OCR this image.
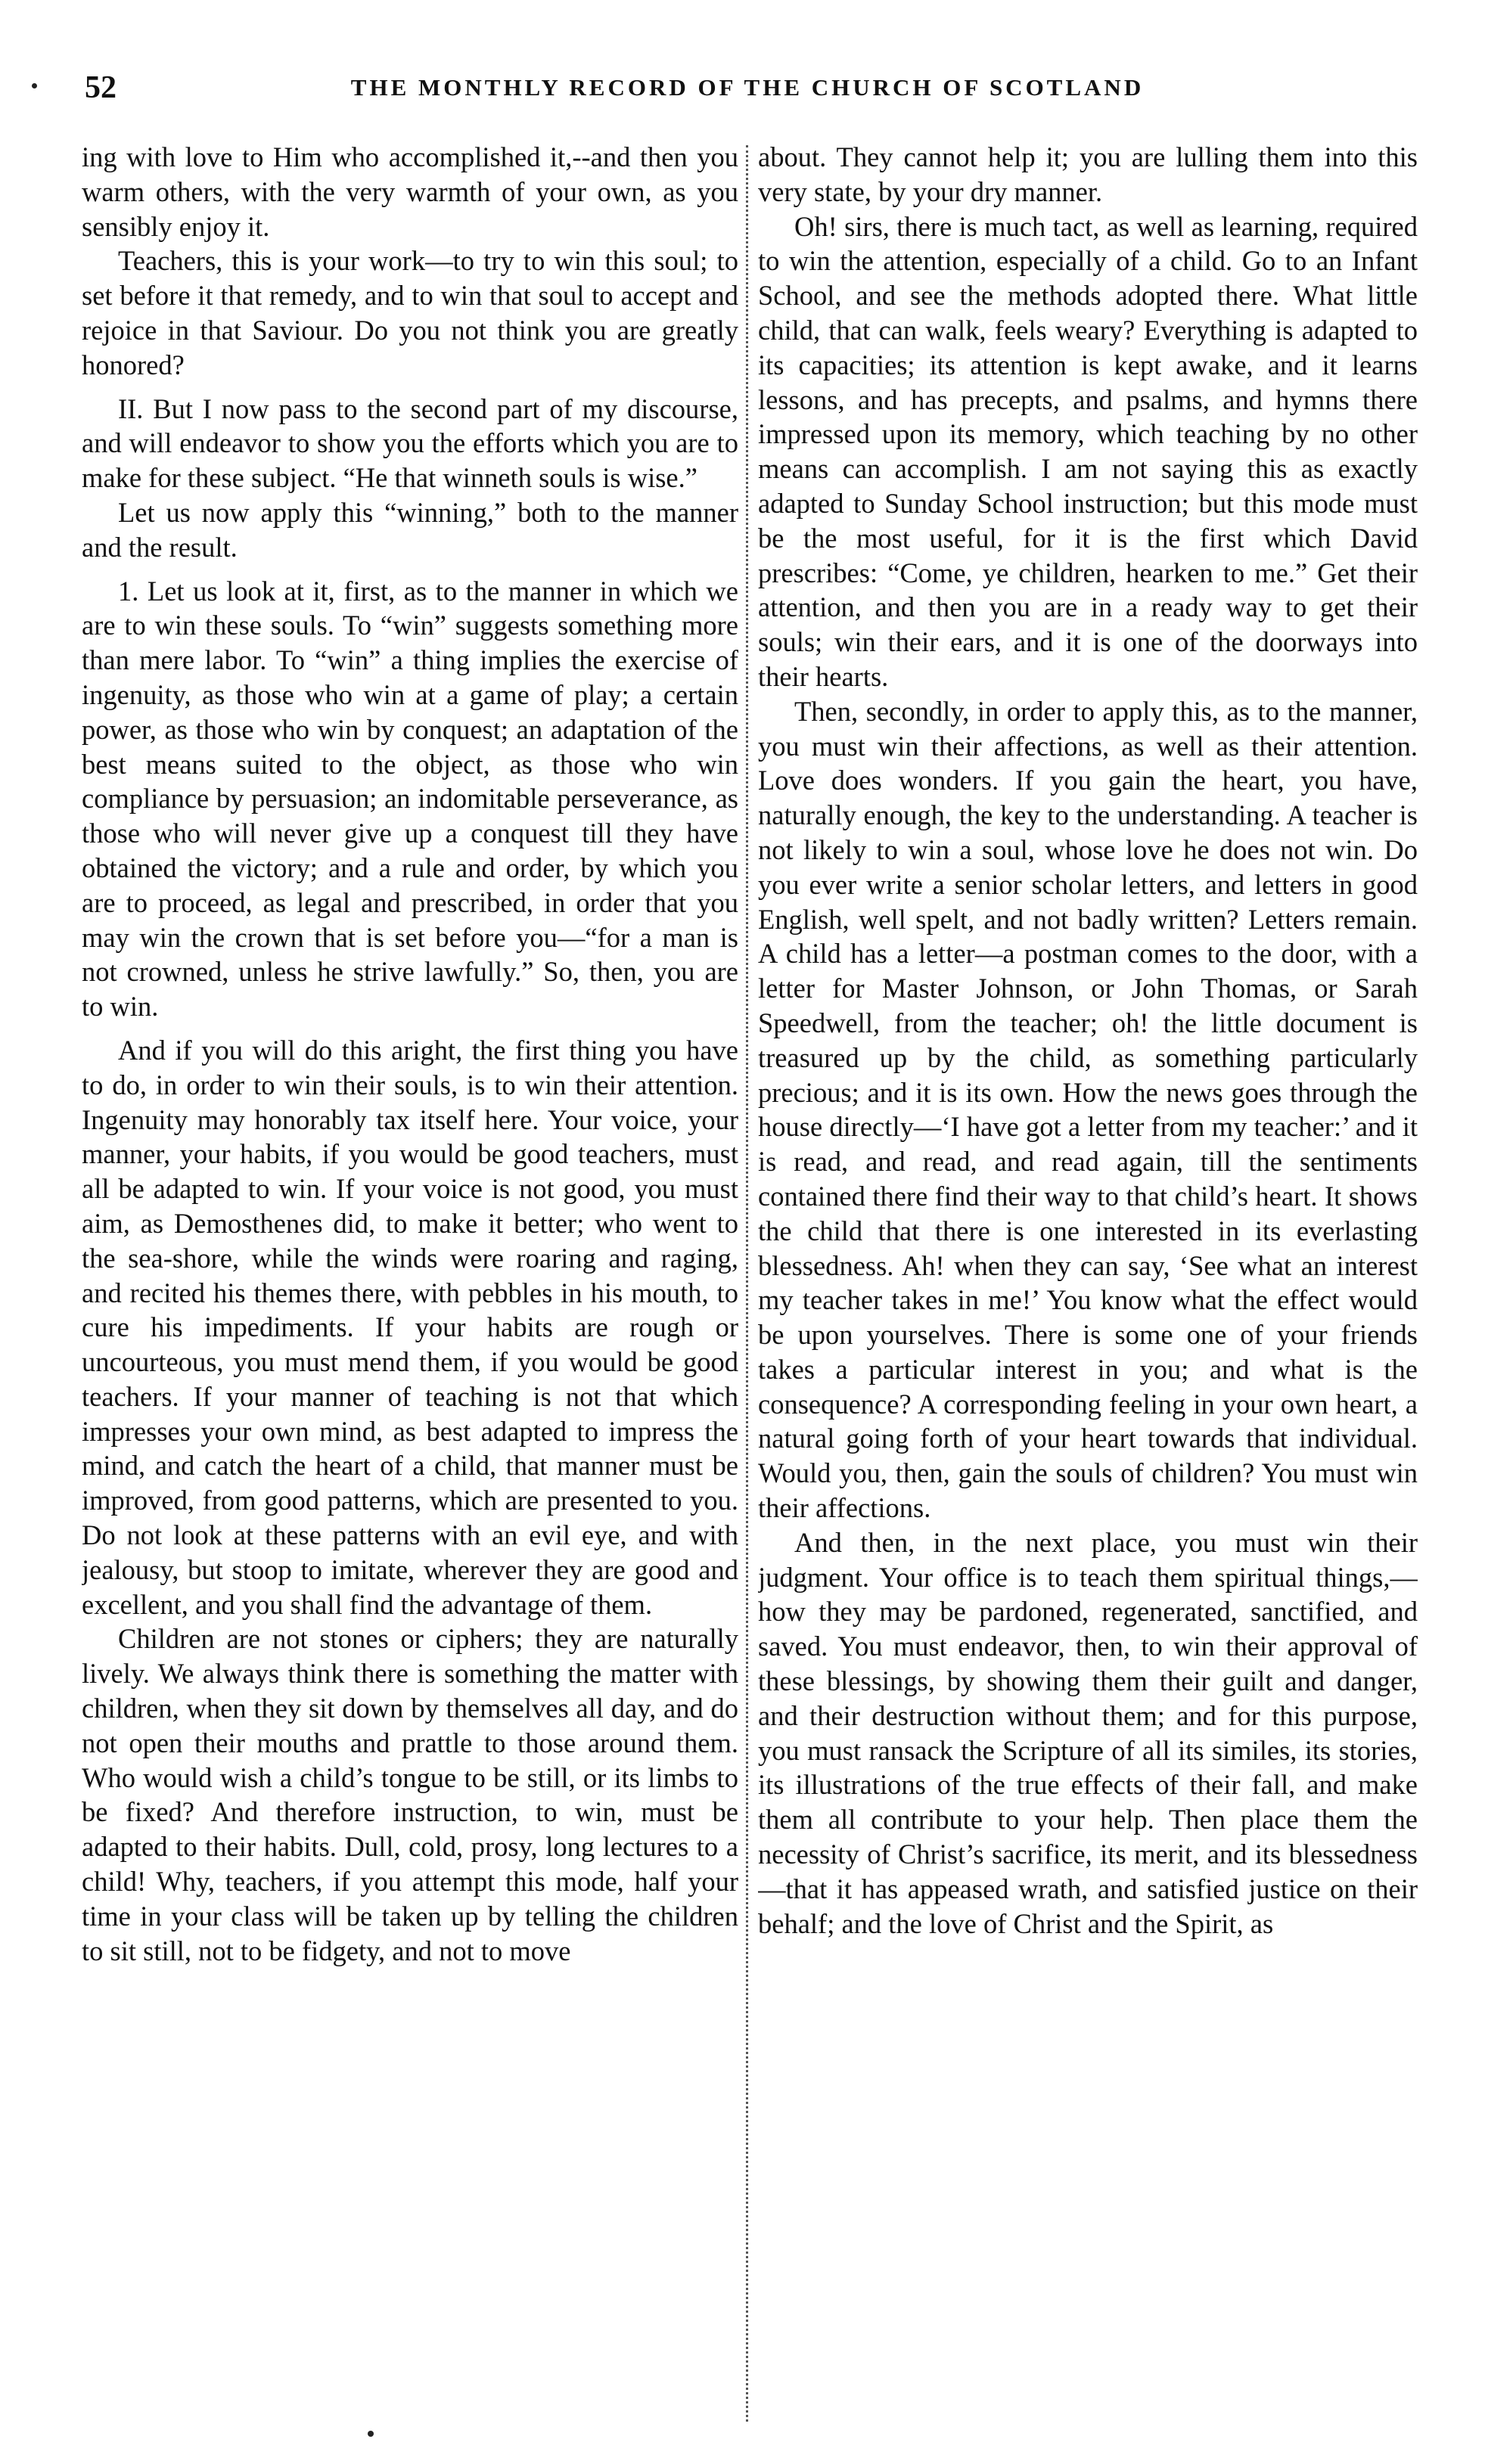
52	THE MONTHLY RECORD OF THE CHURCH OF SCOTLAND

ing with love to Him who accomplished it,--and then you warm others, with the very warmth of your own, as you sensibly enjoy it.

Teachers, this is your work—to try to win this soul; to set before it that remedy, and to win that soul to accept and rejoice in that Saviour. Do you not think you are greatly honored?

II. But I now pass to the second part of my discourse, and will endeavor to show you the efforts which you are to make for these subject. “He that winneth souls is wise.”

Let us now apply this “winning,” both to the manner and the result.

1. Let us look at it, first, as to the manner in which we are to win these souls. To “win” suggests something more than mere labor. To “win” a thing implies the exercise of ingenuity, as those who win at a game of play; a certain power, as those who win by conquest; an adaptation of the best means suited to the object, as those who win compliance by persuasion; an indomitable perseverance, as those who will never give up a conquest till they have obtained the victory; and a rule and order, by which you are to proceed, as legal and prescribed, in order that you may win the crown that is set before you—“for a man is not crowned, unless he strive lawfully.” So, then, you are to win.

And if you will do this aright, the first thing you have to do, in order to win their souls, is to win their attention. Ingenuity may honorably tax itself here. Your voice, your manner, your habits, if you would be good teachers, must all be adapted to win. If your voice is not good, you must aim, as Demosthenes did, to make it better; who went to the sea-shore, while the winds were roaring and raging, and recited his themes there, with pebbles in his mouth, to cure his impediments. If your habits are rough or uncourteous, you must mend them, if you would be good teachers. If your manner of teaching is not that which impresses your own mind, as best adapted to impress the mind, and catch the heart of a child, that manner must be improved, from good patterns, which are presented to you. Do not look at these patterns with an evil eye, and with jealousy, but stoop to imitate, wherever they are good and excellent, and you shall find the advantage of them.

Children are not stones or ciphers; they are naturally lively. We always think there is something the matter with children, when they sit down by themselves all day, and do not open their mouths and prattle to those around them. Who would wish a child’s tongue to be still, or its limbs to be fixed? And therefore instruction, to win, must be adapted to their habits. Dull, cold, prosy, long lectures to a child! Why, teachers, if you attempt this mode, half your time in your class will be taken up by telling the children to sit still, not to be fidgety, and not to move

about. They cannot help it; you are lulling them into this very state, by your dry manner.

Oh! sirs, there is much tact, as well as learning, required to win the attention, especially of a child. Go to an Infant School, and see the methods adopted there. What little child, that can walk, feels weary? Everything is adapted to its capacities; its attention is kept awake, and it learns lessons, and has precepts, and psalms, and hymns there impressed upon its memory, which teaching by no other means can accomplish. I am not saying this as exactly adapted to Sunday School instruction; but this mode must be the most useful, for it is the first which David prescribes: “Come, ye children, hearken to me.” Get their attention, and then you are in a ready way to get their souls; win their ears, and it is one of the doorways into their hearts.

Then, secondly, in order to apply this, as to the manner, you must win their affections, as well as their attention. Love does wonders. If you gain the heart, you have, naturally enough, the key to the understanding. A teacher is not likely to win a soul, whose love he does not win. Do you ever write a senior scholar letters, and letters in good English, well spelt, and not badly written? Letters remain. A child has a letter—a postman comes to the door, with a letter for Master Johnson, or John Thomas, or Sarah Speedwell, from the teacher; oh! the little document is treasured up by the child, as something particularly precious; and it is its own. How the news goes through the house directly—‘I have got a letter from my teacher:’ and it is read, and read, and read again, till the sentiments contained there find their way to that child’s heart. It shows the child that there is one interested in its everlasting blessedness. Ah! when they can say, ‘See what an interest my teacher takes in me!’ You know what the effect would be upon yourselves. There is some one of your friends takes a particular interest in you; and what is the consequence? A corresponding feeling in your own heart, a natural going forth of your heart towards that individual. Would you, then, gain the souls of children? You must win their affections.

And then, in the next place, you must win their judgment. Your office is to teach them spiritual things,—how they may be pardoned, regenerated, sanctified, and saved. You must endeavor, then, to win their approval of these blessings, by showing them their guilt and danger, and their destruction without them; and for this purpose, you must ransack the Scripture of all its similes, its stories, its illustrations of the true effects of their fall, and make them all contribute to your help. Then place them the necessity of Christ’s sacrifice, its merit, and its blessedness—that it has appeased wrath, and satisfied justice on their behalf; and the love of Christ and the Spirit, as
